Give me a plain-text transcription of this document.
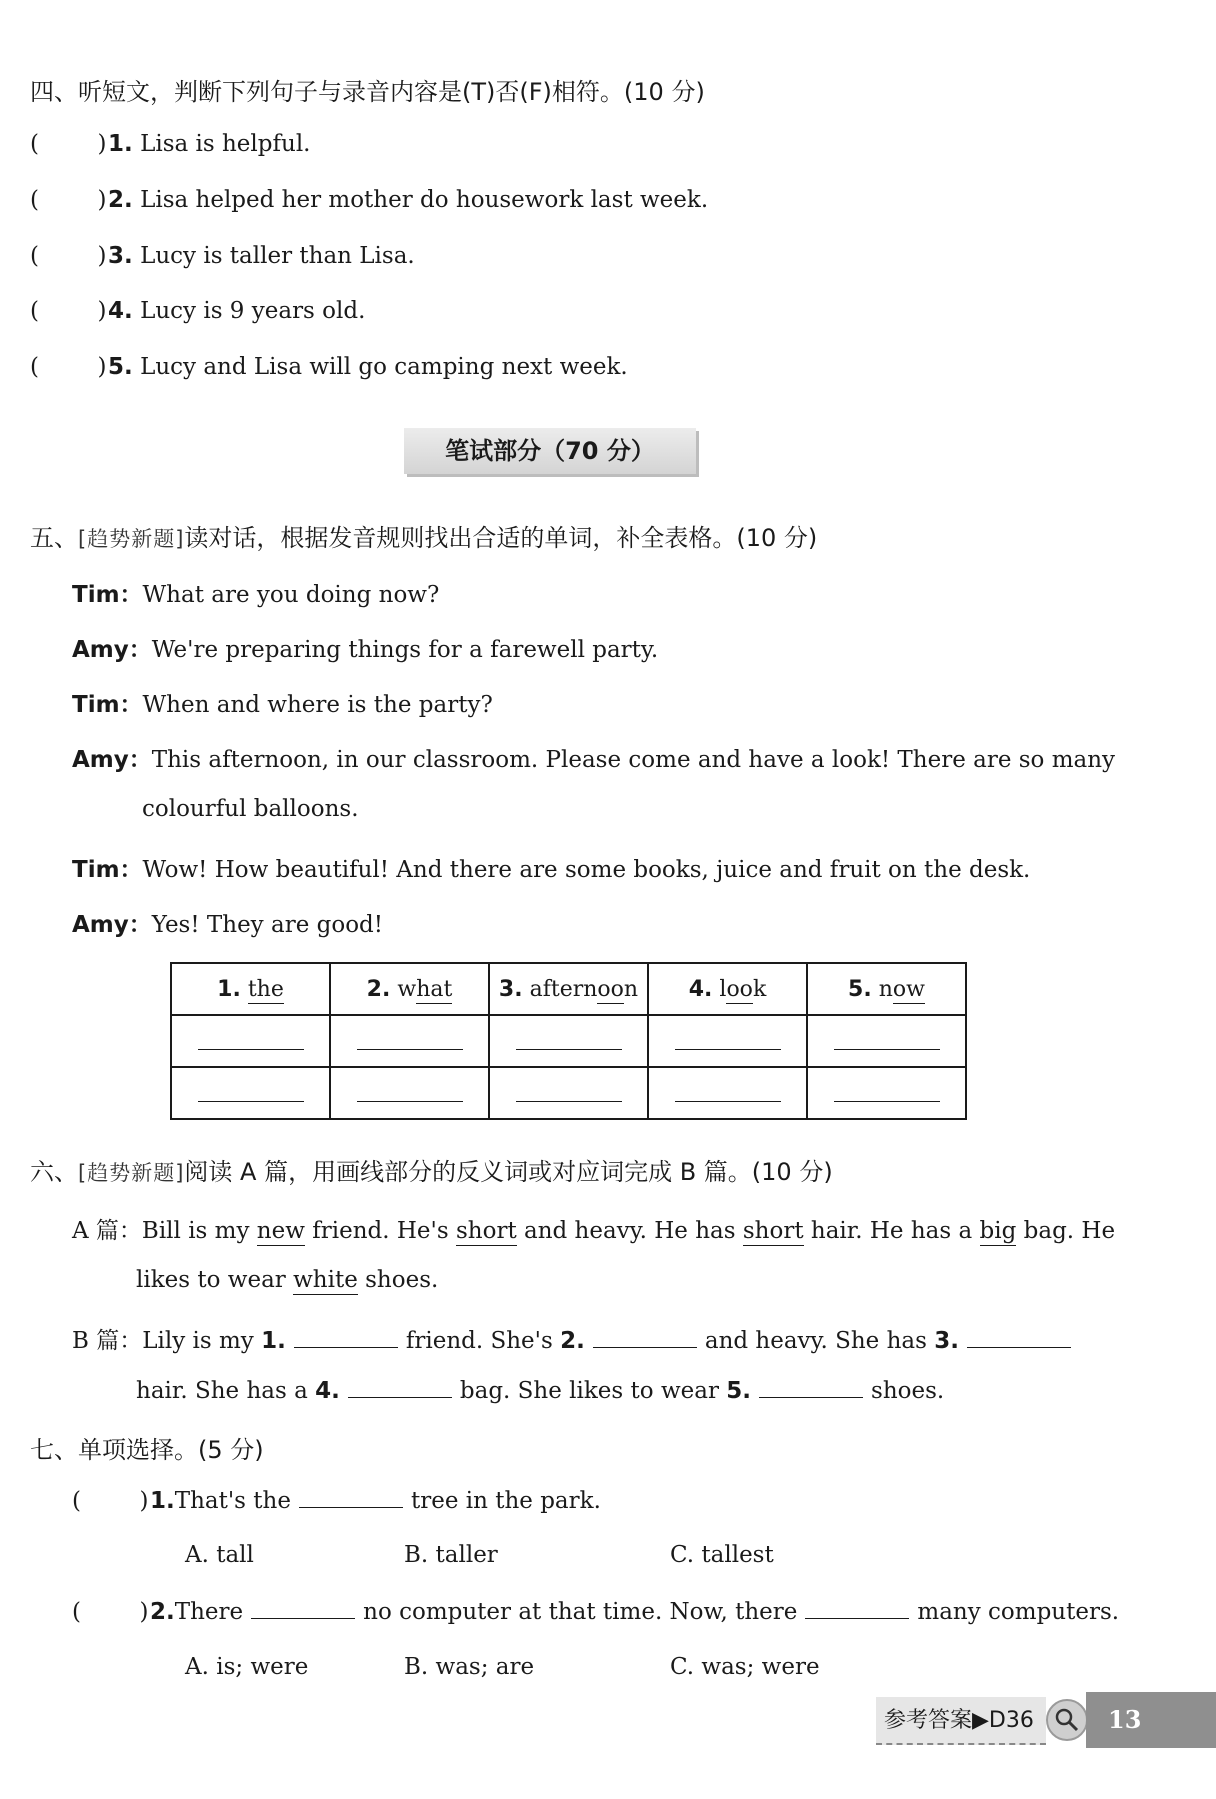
四、听短文，判断下列句子与录音内容是(T)否(F)相符。(10 分)
(        )1. Lisa is helpful.
(        )2. Lisa helped her mother do housework last week.
(        )3. Lucy is taller than Lisa.
(        )4. Lucy is 9 years old.
(        )5. Lucy and Lisa will go camping next week.
笔试部分（70 分）
五、[趋势新题]读对话，根据发音规则找出合适的单词，补全表格。(10 分)
Tim：What are you doing now?
Amy：We're preparing things for a farewell party.
Tim：When and where is the party?
Amy：This afternoon, in our classroom. Please come and have a look! There are so many
colourful balloons.
Tim：Wow! How beautiful! And there are some books, juice and fruit on the desk.
Amy：Yes! They are good!
1. the	2. what	3. afternoon	4. look	5. now

六、[趋势新题]阅读 A 篇，用画线部分的反义词或对应词完成 B 篇。(10 分)
A 篇：Bill is my new friend. He's short and heavy. He has short hair. He has a big bag. He
likes to wear white shoes.
B 篇：Lily is my 1.	friend. She's 2.	and heavy. She has 3.
hair. She has a 4.	bag. She likes to wear 5.	shoes.
七、单项选择。(5 分)
(        )1.That's the	tree in the park.
A. tall	B. taller	C. tallest
(        )2.There	no computer at that time. Now, there	many computers.
A. is; were	B. was; are	C. was; were
参考答案▶D36	13
